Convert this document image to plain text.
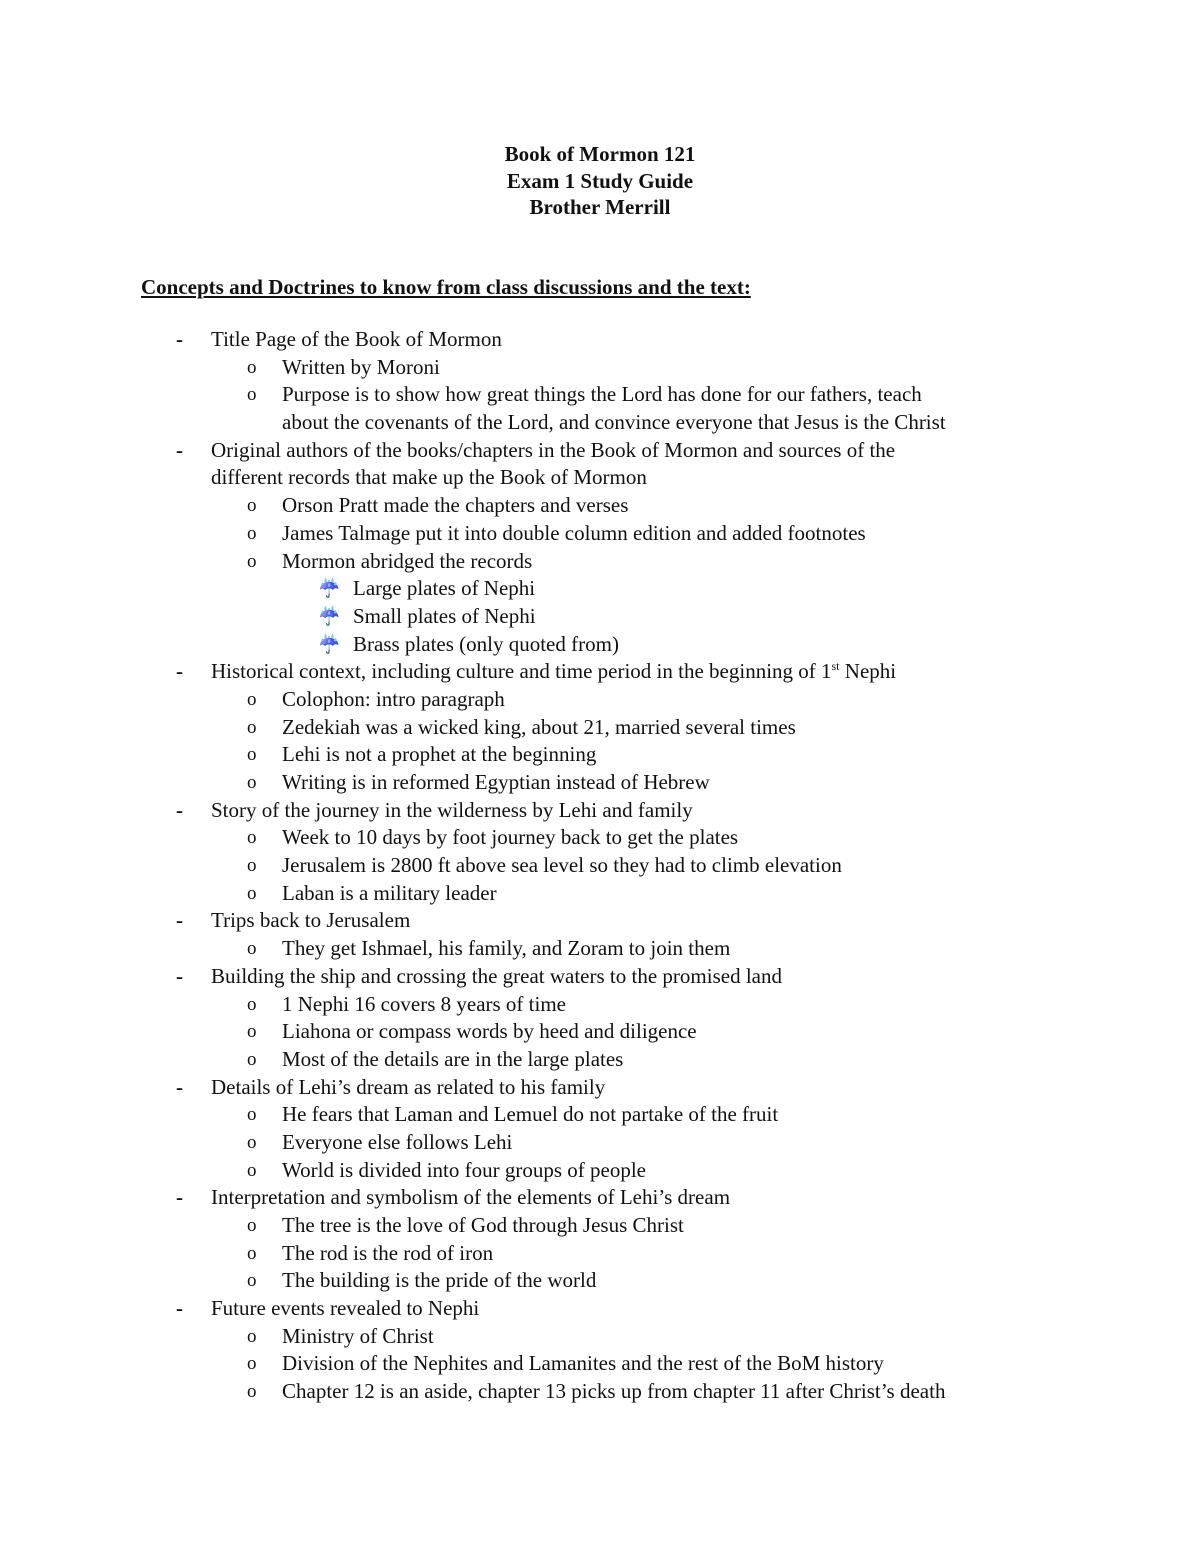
Book of Mormon 121
Exam 1 Study Guide
Brother Merrill
Concepts and Doctrines to know from class discussions and the text:
- Title Page of the Book of Mormon
o Written by Moroni
o Purpose is to show how great things the Lord has done for our fathers, teach
about the covenants of the Lord, and convince everyone that Jesus is the Christ
- Original authors of the books/chapters in the Book of Mormon and sources of the
different records that make up the Book of Mormon
o Orson Pratt made the chapters and verses
o James Talmage put it into double column edition and added footnotes
o Mormon abridged the records
☔ Large plates of Nephi
☔ Small plates of Nephi
☔ Brass plates (only quoted from)
- Historical context, including culture and time period in the beginning of 1st Nephi
o Colophon: intro paragraph
o Zedekiah was a wicked king, about 21, married several times
o Lehi is not a prophet at the beginning
o Writing is in reformed Egyptian instead of Hebrew
- Story of the journey in the wilderness by Lehi and family
o Week to 10 days by foot journey back to get the plates
o Jerusalem is 2800 ft above sea level so they had to climb elevation
o Laban is a military leader
- Trips back to Jerusalem
o They get Ishmael, his family, and Zoram to join them
- Building the ship and crossing the great waters to the promised land
o 1 Nephi 16 covers 8 years of time
o Liahona or compass words by heed and diligence
o Most of the details are in the large plates
- Details of Lehi’s dream as related to his family
o He fears that Laman and Lemuel do not partake of the fruit
o Everyone else follows Lehi
o World is divided into four groups of people
- Interpretation and symbolism of the elements of Lehi’s dream
o The tree is the love of God through Jesus Christ
o The rod is the rod of iron
o The building is the pride of the world
- Future events revealed to Nephi
o Ministry of Christ
o Division of the Nephites and Lamanites and the rest of the BoM history
o Chapter 12 is an aside, chapter 13 picks up from chapter 11 after Christ’s death
